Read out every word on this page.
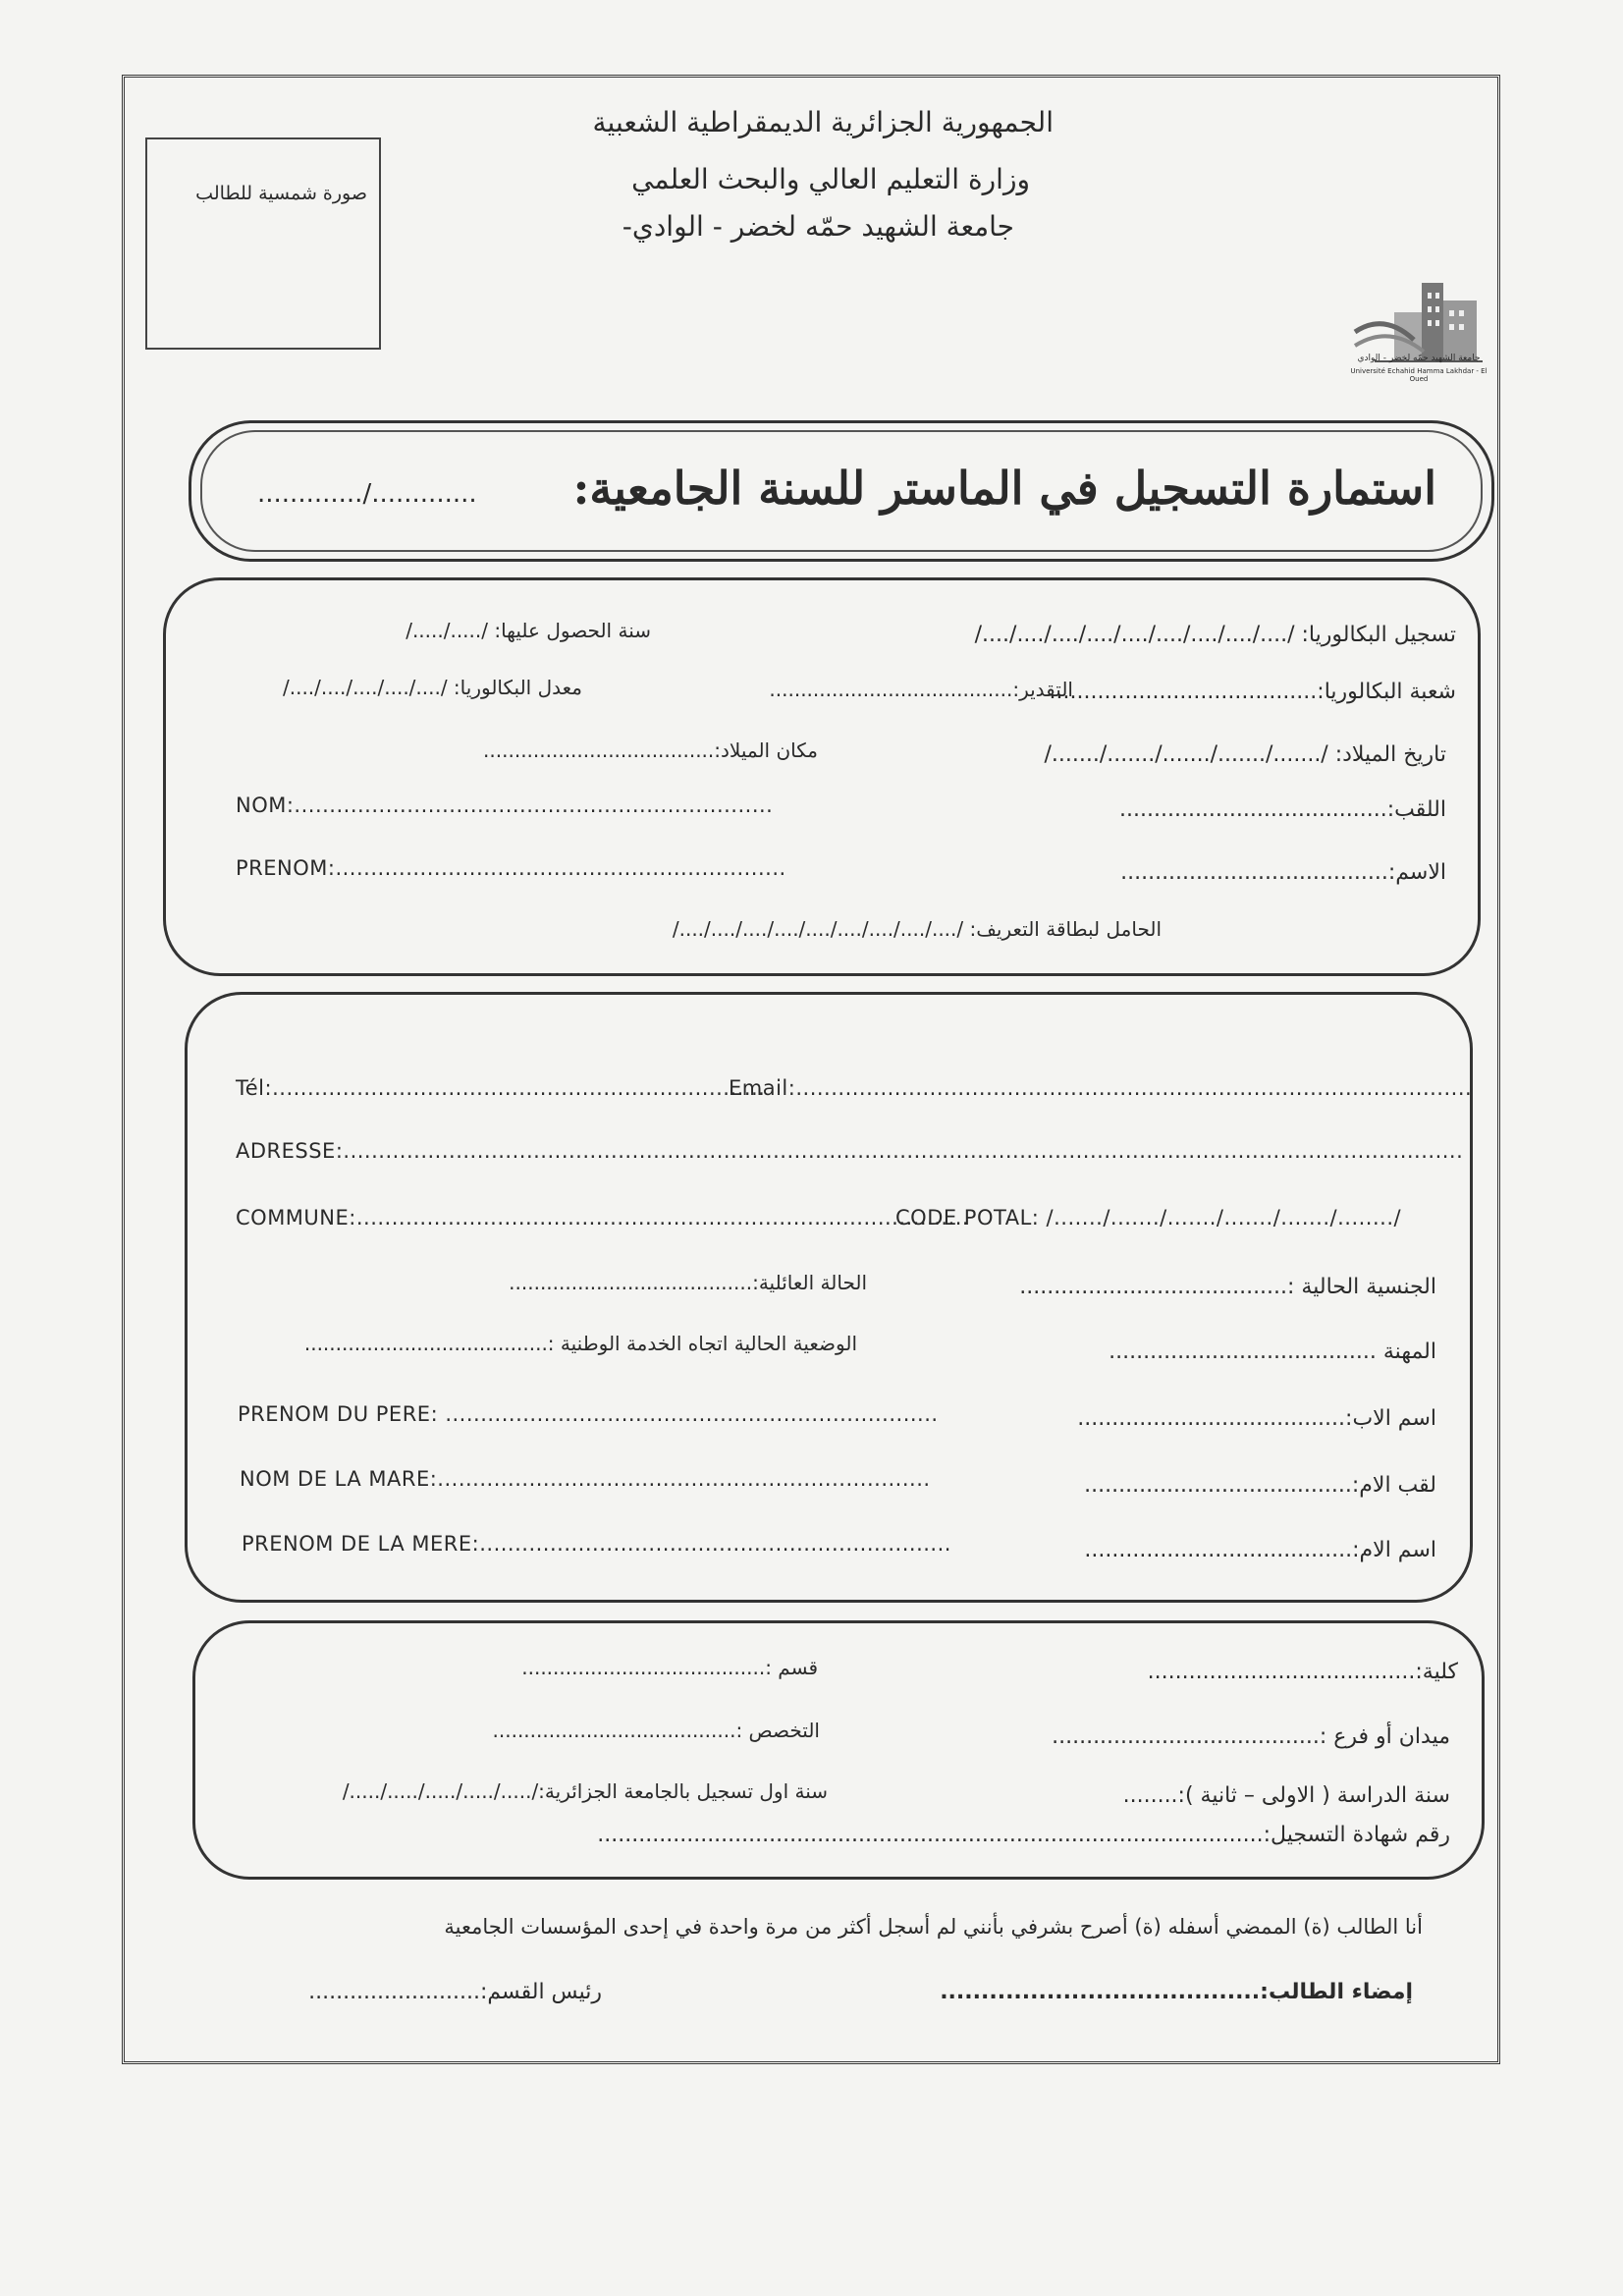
صورة شمسية للطالب
الجمهورية الجزائرية الديمقراطية الشعبية
وزارة التعليم العالي والبحث العلمي
جامعة الشهيد حمّه لخضر - الوادي-
جامعة الشهيد حمّه لخضر - الوادي
Université Echahid Hamma Lakhdar - El Oued
استمارة التسجيل في الماستر للسنة الجامعية:
............./.............
تسجيل البكالوريا: /..../..../..../..../..../..../..../..../..../
سنة الحصول عليها: /...../...../
شعبة البكالوريا:.......................................
التقدير:.......................................
معدل البكالوريا: /..../..../..../..../..../
تاريخ الميلاد: /......./......./......./......./......./
مكان الميلاد:.....................................
اللقب:.......................................
NOM:....................................................................
الاسم:.......................................
PRENOM:................................................................
الحامل لبطاقة التعريف: /..../..../..../..../..../..../..../..../..../
Tél:......................................................................
Email:................................................................................................
ADRESSE:...............................................................................................................................................................
COMMUNE:.......................................................................................
CODE POTAL: /......./......./......./......./......./......../
الجنسية الحالية :.......................................
الحالة العائلية:.......................................
المهنة .......................................
الوضعية الحالية اتجاه الخدمة الوطنية :.......................................
PRENOM DU PERE: ......................................................................	اسم الاب:.......................................
NOM DE LA MARE:......................................................................	لقب الام:.......................................
PRENOM DE LA MERE:...................................................................	اسم الام:.......................................
كلية:.......................................
قسم :.......................................
ميدان أو فرع :.......................................
التخصص :.......................................
سنة الدراسة ( الاولى – ثانية ):........
سنة اول تسجيل بالجامعة الجزائرية:/...../...../...../...../...../
رقم شهادة التسجيل:.................................................................................................
أنا الطالب (ة) الممضي أسفله (ة) أصرح بشرفي بأنني لم أسجل أكثر من مرة واحدة في إحدى المؤسسات الجامعية
إمضاء الطالب:.......................................
رئيس القسم:.........................
